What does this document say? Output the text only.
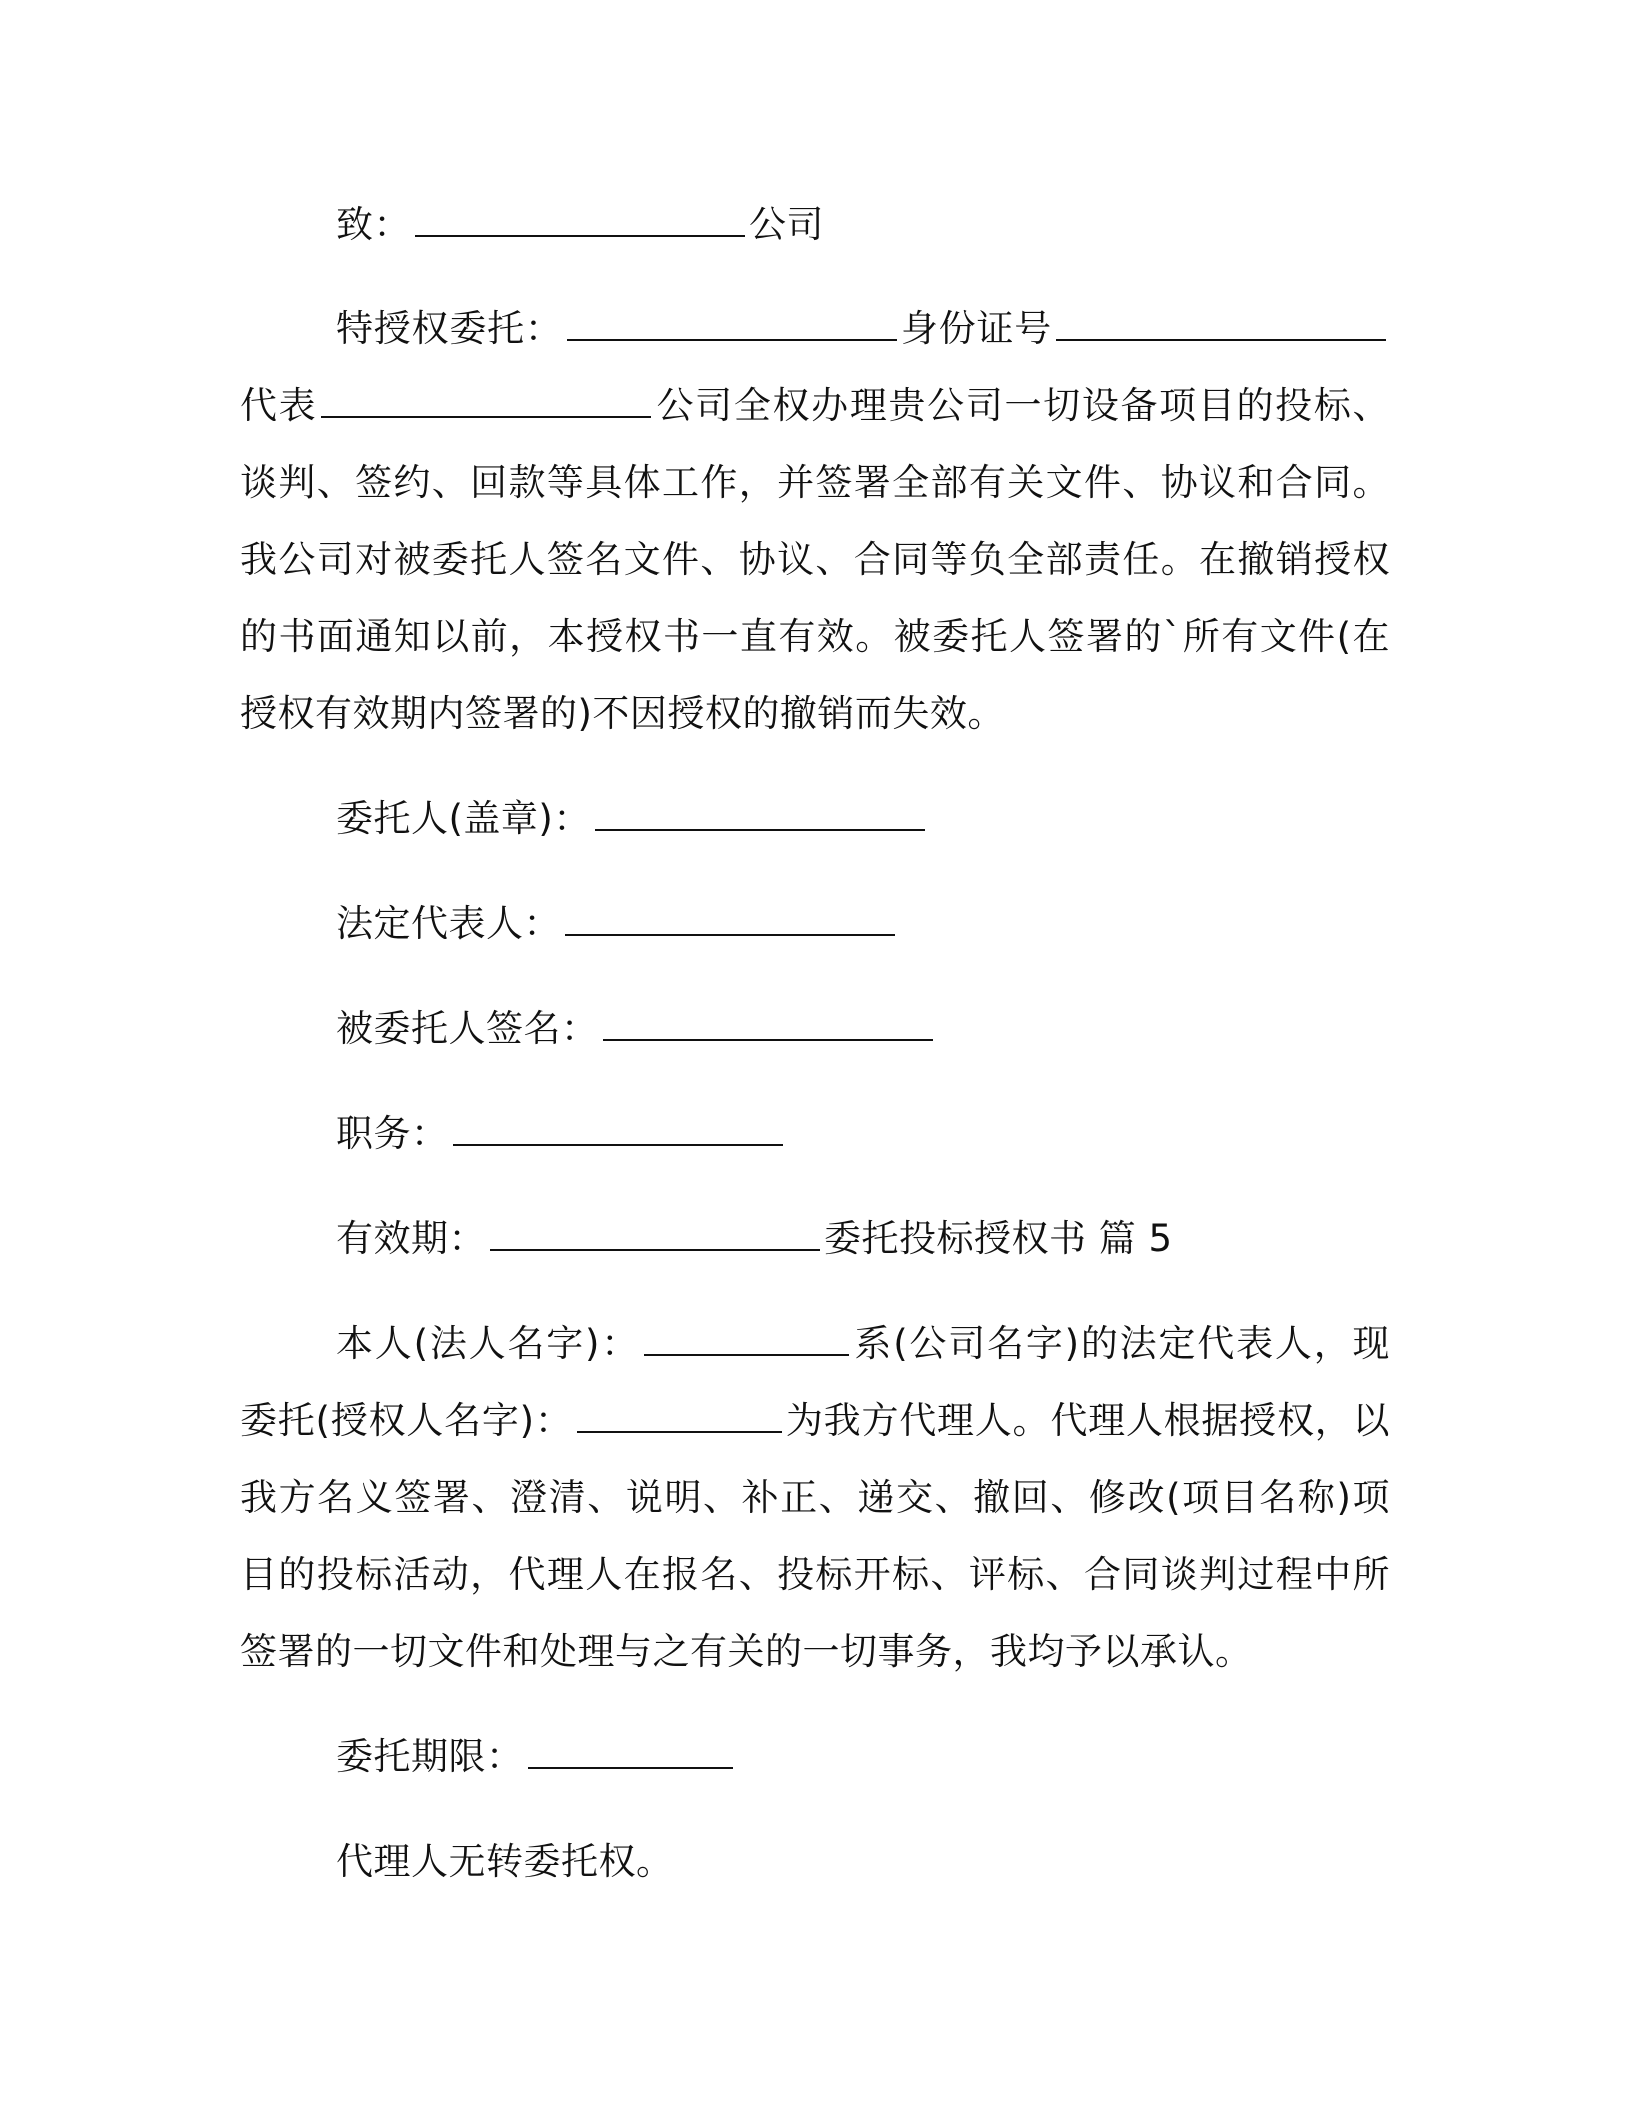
致：	公司

特授权委托：	身份证号代表	公司全权办理贵公司一切设备项目的投标、谈判、签约、回款等具体工作，并签署全部有关文件、协议和合同。我公司对被委托人签名文件、协议、合同等负全部责任。在撤销授权的书面通知以前，本授权书一直有效。被委托人签署的`所有文件(在授权有效期内签署的)不因授权的撤销而失效。

委托人(盖章)：

法定代表人：

被委托人签名：

职务：

有效期：	委托投标授权书 篇 5

本人(法人名字)：	系(公司名字)的法定代表人，现委托(授权人名字)：	为我方代理人。代理人根据授权，以我方名义签署、澄清、说明、补正、递交、撤回、修改(项目名称)项目的投标活动，代理人在报名、投标开标、评标、合同谈判过程中所签署的一切文件和处理与之有关的一切事务，我均予以承认。

委托期限：

代理人无转委托权。
